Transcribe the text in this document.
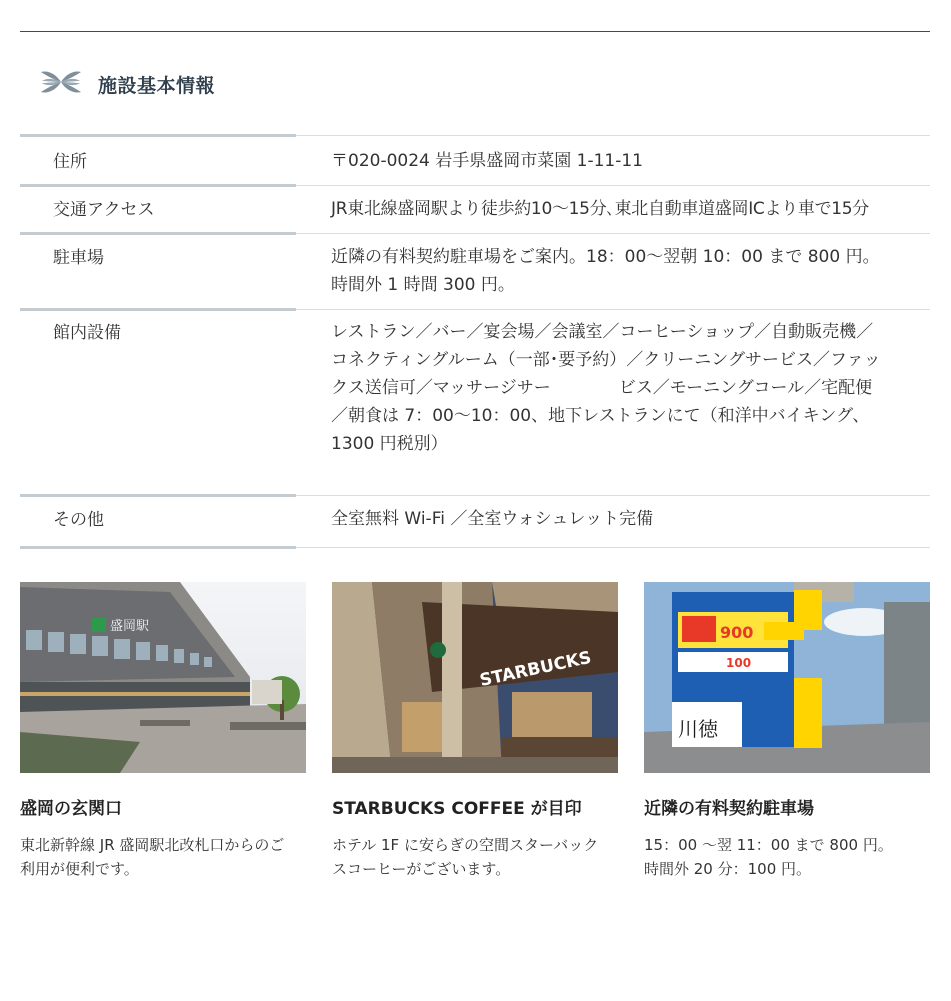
施設基本情報
住所	〒020-0024 岩手県盛岡市菜園 1-11-11
交通アクセス	JR東北線盛岡駅より徒歩約10～15分､東北自動車道盛岡ICより車で15分
駐車場	近隣の有料契約駐車場をご案内。18：00～翌朝 10：00 まで 800 円。
時間外 1 時間 300 円。
館内設備	レストラン／バー／宴会場／会議室／コーヒーショップ／自動販売機／
コネクティングルーム（一部･要予約）／クリーニングサービス／ファッ
クス送信可／マッサージサー　　　　ビス／モーニングコール／宅配便
／朝食は 7：00～10：00、地下レストランにて（和洋中バイキング、
1300 円税別）
その他	全室無料 Wi-Fi ／全室ウォシュレット完備
盛岡駅
盛岡の玄関口
東北新幹線 JR 盛岡駅北改札口からのご
利用が便利です。
STARBUCKS
STARBUCKS COFFEE が目印
ホテル 1F に安らぎの空間スターバック
スコーヒーがございます。
900
100
川徳
近隣の有料契約駐車場
15：00 ～翌 11：00 まで 800 円。
時間外 20 分：100 円。
